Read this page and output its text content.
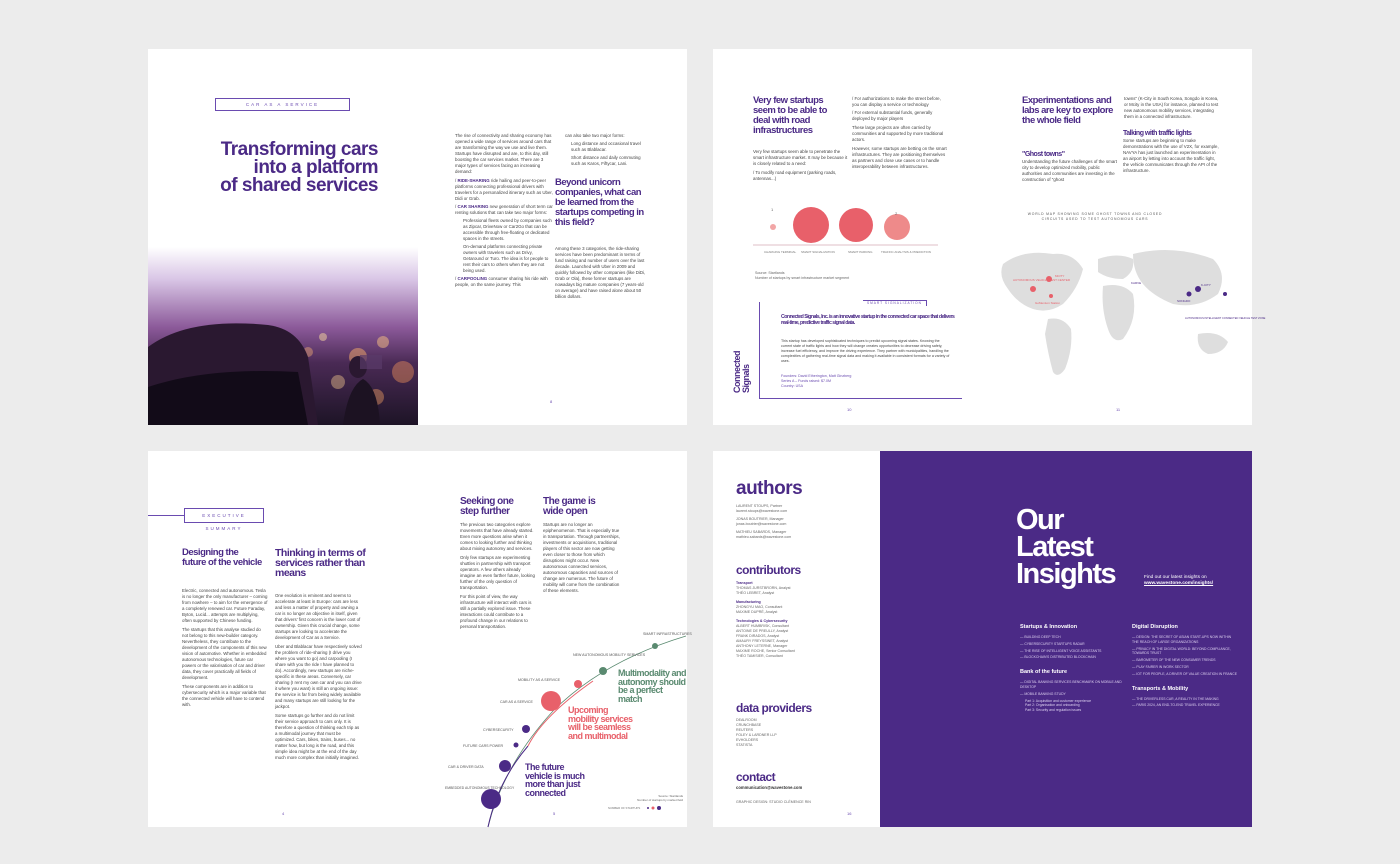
CAR AS A SERVICE
Transforming cars
into a platform
of shared services

The rise of connectivity and sharing economy has opened a wide range of services around cars that are transforming the way we use and live them. Startups have disrupted and are, to this day, still boosting the car services market. There are 3 major types of services facing an increasing demand:

/ RIDE-SHARING ride hailing and peer-to-peer platforms connecting professional drivers with travelers for a personalized itinerary such as Uber, Didi or Grab.

/ CAR SHARING new generation of short term car renting solutions that can take two major forms:

Professional fleets owned by companies such as Zipcar, DriveNow or Car2Go that can be accessible through free-floating or dedicated spaces in the streets.

On-demand platforms connecting private owners with travelers such as Drivy, Getaround or Turo. The idea is for people to rent their cars to others when they are not being used.

/ CARPOOLING consumer sharing his ride with people, on the same journey. This

can also take two major forms:

Long distance and occasional travel such as Blablacar.

Short distance and daily commuting such as Karos, Fiftycar, Lani.

Beyond unicorn companies, what can be learned from the startups competing in this field?
Among these 3 categories, the ride-sharing services have been predominant in terms of fund raising and number of users over the last decade. Launched with Uber in 2009 and quickly followed by other companies (like DiDi, Grab or Ola), these former startups are nowadays big mature companies (7 years-old on average) and have raised alone about 50 billion dollars.
8
Very few startups seem to be able to deal with road infrastructures

Very few startups seem able to penetrate the smart infrastructure market. It may be because it is closely related to a need:

/ To modify road equipment (parking roads, antennas...)

/ For authorizations to make the street before, you can display a service or technology

/ For external substantial funds, generally deployed by major players

These large projects are often carried by communities and supported by more traditional actors.

However, some startups are betting on the smart infrastructures. They are positioning themselves as partners and close use cases or to handle interoperability between infrastructures.

1
2
CHARGING TERMINAL SMART SIGNALIZATION	SMART PARKING	TRAFFIC ANALYSIS & PREDICTION
Source: Startlands
Number of startups by smart infrastructure market segment
SMART SIGNALIZATION
Connected Signals
Connected Signals, Inc. is an innovative startup in the connected car space that delivers real-time, predictive traffic signal data.
This startup has developed sophisticated techniques to predict upcoming signal states. Knowing the current state of traffic lights and how they will change creates opportunities to decrease driving safety, increase fuel efficiency, and improve the driving experience. They partner with municipalities, handling the complexities of gathering real-time signal data and making it available in consistent formats for a variety of uses.
Founders: David Etherington, Matt Ginzberg
Series A – Funds raised: $7.0M
Country: USA
10
Experimentations and labs are key to explore the whole field
"Ghost towns"
Understanding the future challenges of the smart city to develop optimized mobility, public authorities and communities are investing in the construction of "ghost
towns" (K-City in South Korea, Songdo in Korea, or Mcity in the USA) for instance, planned to test new autonomous mobility services, integrating them in a connected infrastructure.
Talking with traffic lights
Some startups are beginning to make demonstrations with the use of V2X, for example, NAVYA has just launched an experimentation in an airport by letting into account the traffic light, the vehicle communicates through the API of the infrastructure.
WORLD MAP SHOWING SOME GHOST TOWNS AND CLOSED CIRCUITS USED TO TEST AUTONOMOUS CARS
AUTONOMOUS VEHICLE TEST CENTER
MCITY
K-CITY
SONGDO
GoMentum Station
AUTONOMOUS INTELLIGENT CONNECTED VEHICLE TEST ZONE
KARVE
11
EXECUTIVE SUMMARY
Designing the future of the vehicle

Electric, connected and autonomous. Tesla is no longer the only manufacturer – coming from nowhere – to aim for the emergence of a completely renewed car. Future Faraday, Byton, Lucid... attempts are multiplying, often supported by Chinese funding.

The startups that this analyse studied do not belong to this new-builder category. Nevertheless, they contribute to the development of the components of this new vision of automotive. Whether in embedded autonomous technologies, future car powers or the valorisation of car and driver data, they cover practically all fields of development.

These components are in addition to cybersecurity which is a major variable that the connected vehicle will have to contend with.

Thinking in terms of services rather than means

One evolution is eminent and seems to accelerate at least in Europe: cars are less and less a matter of property and owning a car is no longer an objective in itself, given that drivers' first concern is the lower cost of ownership. Given this crucial change, some startups are looking to accelerate the development of Car as a Service.

Uber and Blablacar have respectively solved the problem of ride-sharing (I drive you where you want to go) and carpooling (I share with you the ride I have planned to do). Accordingly, new startups are niche-specific in these areas. Conversely, car sharing (I rent my own car and you can drive it where you want) is still an ongoing issue: the service is far from being widely available and many startups are still looking for the jackpot.

Some startups go further and do not limit their service approach to cars only. It is therefore a question of thinking each trip as a multimodal journey that must be optimized. Cars, bikes, trains, buses... no matter how, but long is the road, and this simple idea might be at the end of the day much more complex than initially imagined.

Seeking one step further

The previous two categories explore movements that have already started. Even more questions arise when it comes to looking further and thinking about mixing autonomy and services.

Only few startups are experimenting shuttles in partnership with transport operators. A few others already imagine an even farther future, looking further of the only question of transportation.

For this point of view, the way infrastructure will interact with cars is still a partially explored issue. These interactions could contribute to a profound change in our relations to personal transportation.

The game is wide open
Startups are no longer an epiphenomenon. That is especially true in transportation. Through partnerships, investments or acquisitions, traditional players of this sector are now getting even closer to those from which disruptions might occur. New autonomous connected services, autonomous capacities and sources of change are numerous. The future of mobility will come from the combination of these elements.
SMART INFRASTRUCTURES
NEW AUTONOMOUS MOBILITY SERVICES
MOBILITY AS A SERVICE
CAR AS A SERVICE
CYBERSECURITY
FUTURE CARS POWER
CAR & DRIVER DATA
EMBEDDED AUTONOMOUS TECHNOLOGY
NUMBER OF STARTUPS
Multimodality and autonomy should be a perfect match
Upcoming mobility services will be seamless and multimodal
The future vehicle is much more than just connected	Source: Startlands
Number of startups by market field
4	5
authors
LAURENT STOUPS, Partner
laurent.stoups@wavestone.com
JONAS BOUTRIER, Manager
jonas.boutrier@wavestone.com
MATHIEU SABARDS, Manager
mathieu.sabards@wavestone.com
contributors
Transport
THOMAS JURSTBRORN, Analyst
THÉO LEBRET, Analyst
Manufacturing
ZHONGYU MAO, Consultant
MAXIME DUPRÉ, Analyst
Technologies & Cybersecurity
ALBERT HUMBRISK, Consultant
ANTOINE DE PREULLY, Analyst
FRANK DIRADOS, Analyst
AMAURY FREYSSINET, Analyst
ANTHONY LETERNE, Manager
MAXIME ROCHE, Senior Consultant
THÉO TAMISIER, Consultant
data providers
DEALROOM
CRUNCHBASE
REUTERS
FOLEY & LARDNER LLP
EVHOLDERS
STATISTA
contact
communication@wavestone.com
GRAPHIC DESIGN: STUDIO CLÉMENCE RIN
16
Our
Latest
Insights	Find out our latest insights on
www.wavestone.com/insights/
Startups & Innovation
— BUILDING DEEP TECH
— CYBERSECURITY STARTUPS RADAR
— THE RISE OF INTELLIGENT VOICE ASSISTANTS
— BLOCKCHAIN'S DISTRIBUTED BLOCKCHAIN
Bank of the future
— DIGITAL BANKING SERVICES BENCHMARK ON MOBILE AND DESKTOP
— MOBILE BANKING STUDY
Part 1: Acquisition and customer experience
Part 2: Organisation and onboarding
Part 3: Security and regulation issues
Digital Disruption
— DESIGN: THE SECRET OF ASIAN START-UPS NOW WITHIN THE REACH OF LARGE ORGANIZATIONS
— PRIVACY IN THE DIGITAL WORLD: BEYOND COMPLIANCE, TOWARDS TRUST
— BAROMETER OF THE NEW CONSUMER TRENDS
— PLAY FAIRER IN WORK SECTOR
— IOT FOR PEOPLE, A DRIVER OF VALUE CREATION IN FRANCE
Transports & Mobility
— THE DRIVERLESS CAR, A REALITY IN THE MAKING
— PARIS 2024, AN END-TO-END TRAVEL EXPERIENCE
